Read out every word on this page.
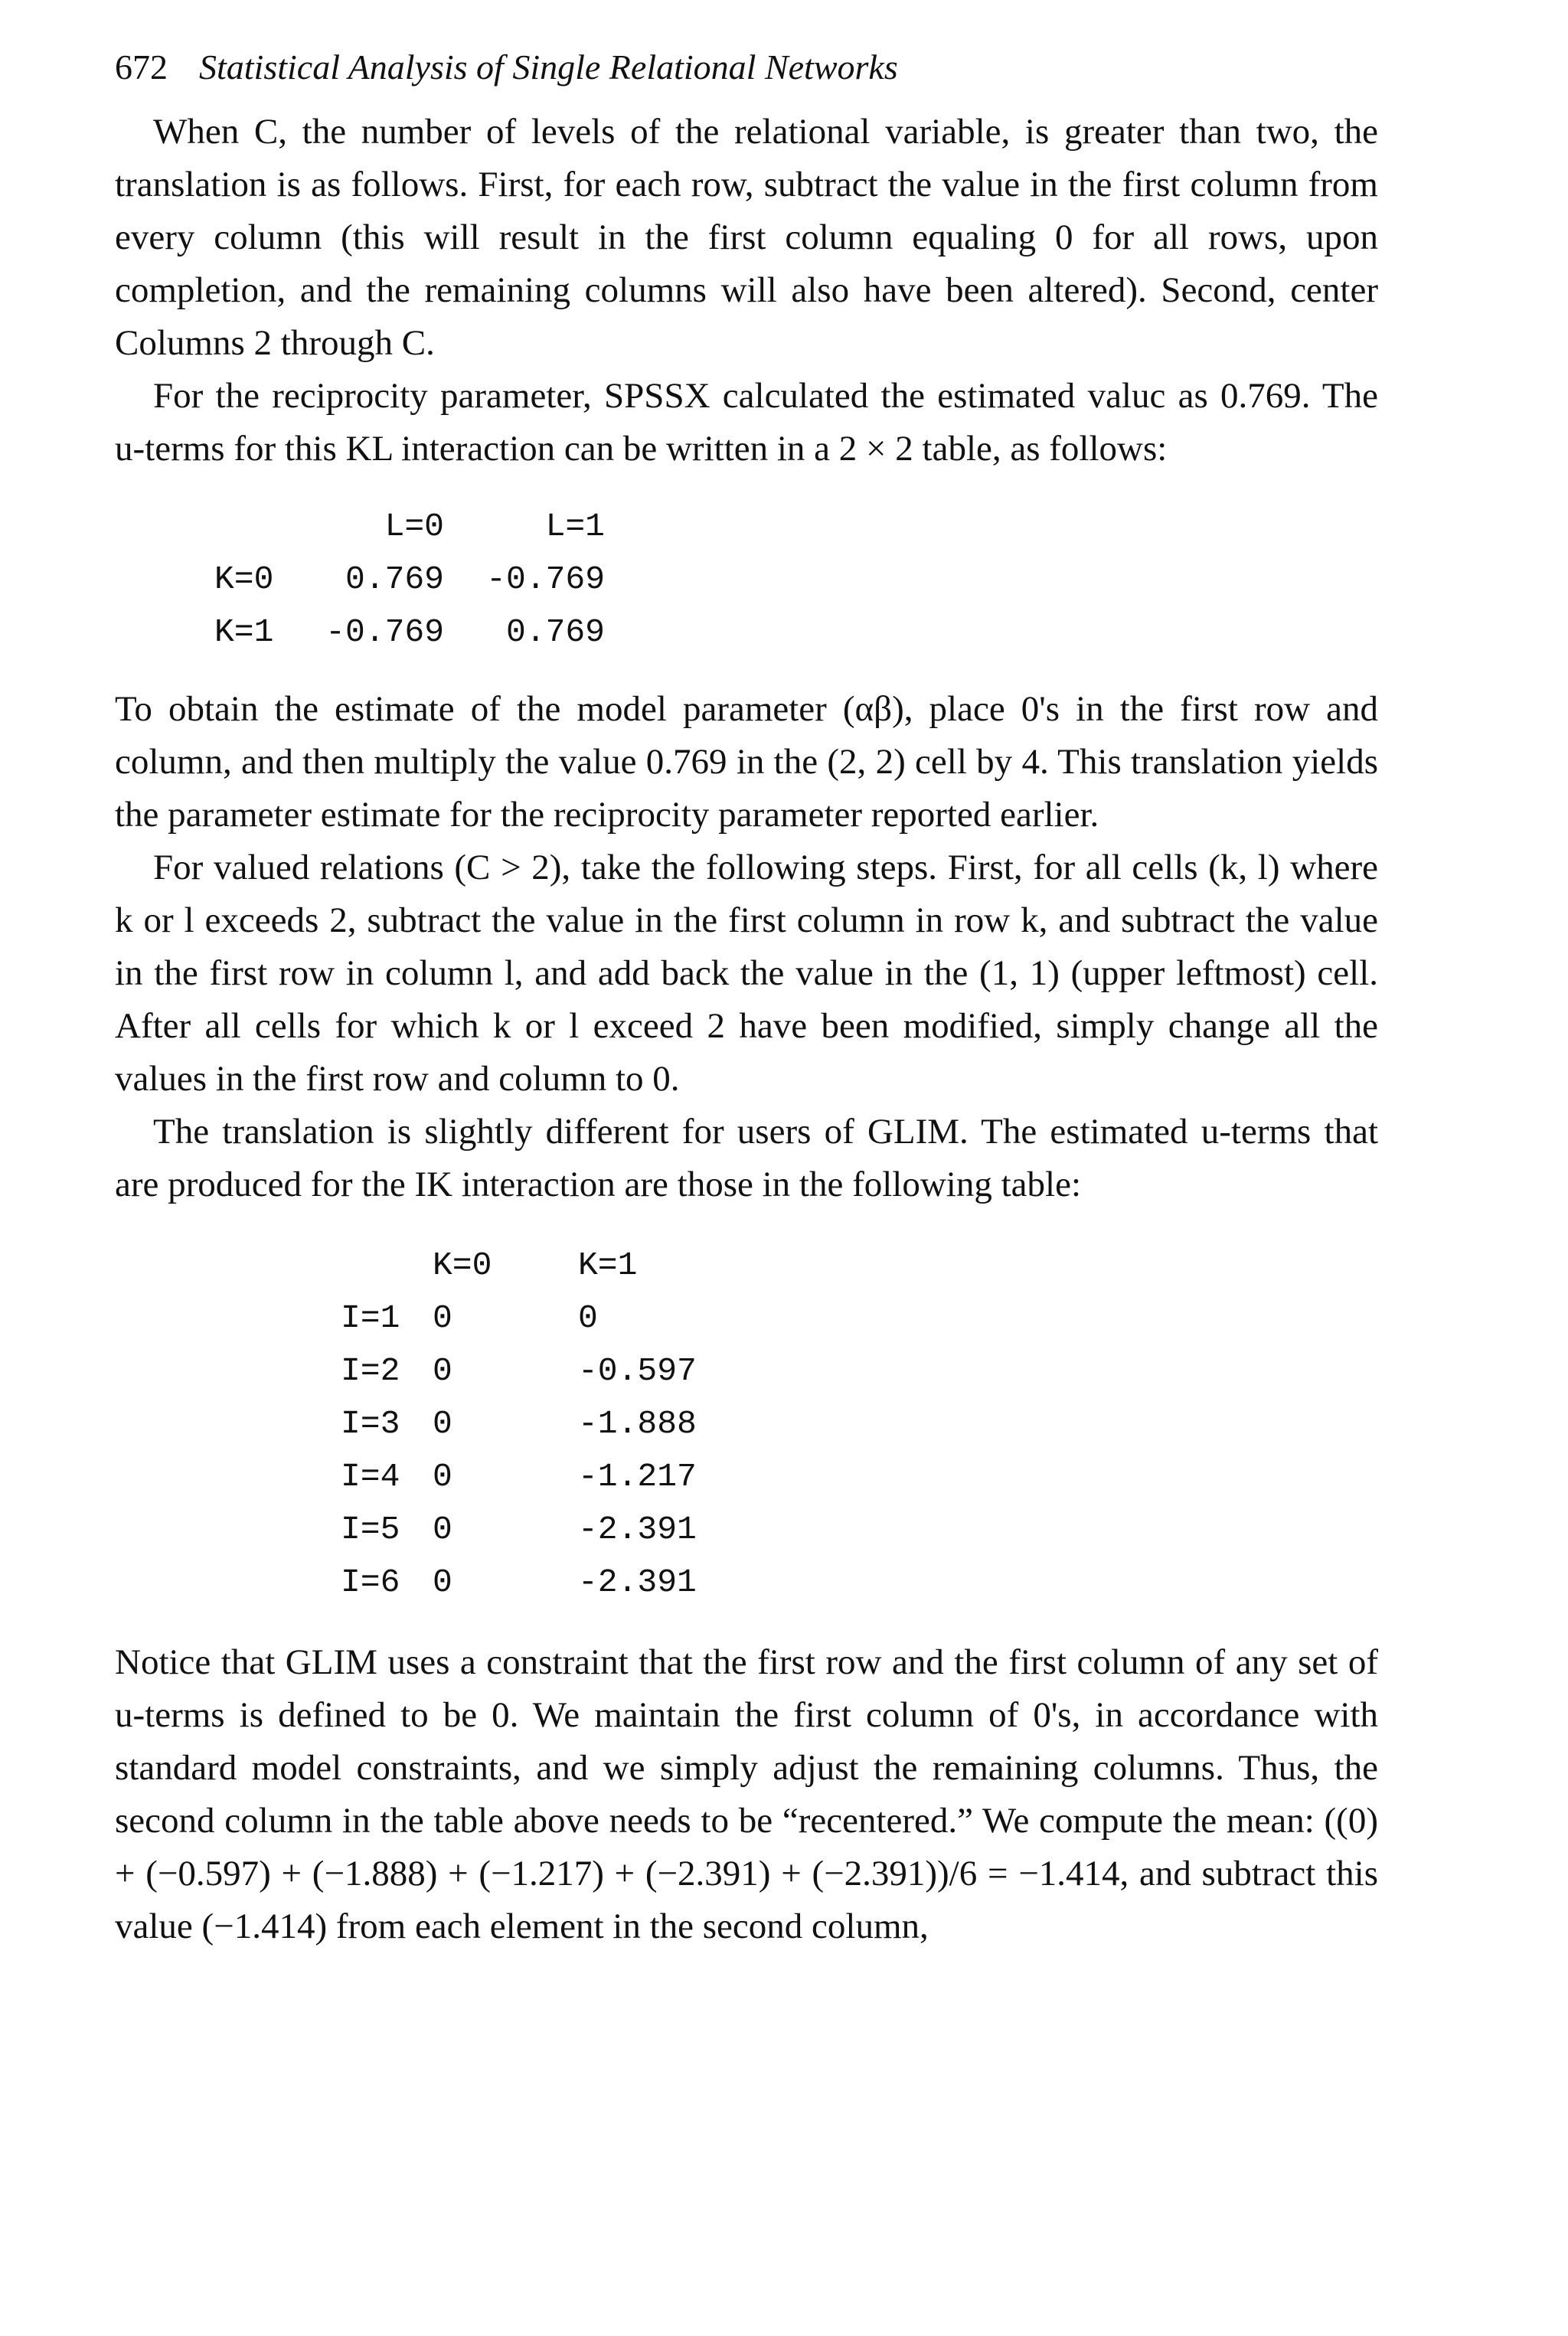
672 Statistical Analysis of Single Relational Networks

When C, the number of levels of the relational variable, is greater than two, the translation is as follows. First, for each row, subtract the value in the first column from every column (this will result in the first column equaling 0 for all rows, upon completion, and the remaining columns will also have been altered). Second, center Columns 2 through C.

For the reciprocity parameter, SPSSX calculated the estimated valuc as 0.769. The u-terms for this KL interaction can be written in a 2 × 2 table, as follows:

	L=0	L=1
K=0	0.769	-0.769
K=1	-0.769	0.769

To obtain the estimate of the model parameter (αβ), place 0's in the first row and column, and then multiply the value 0.769 in the (2, 2) cell by 4. This translation yields the parameter estimate for the reciprocity parameter reported earlier.

For valued relations (C > 2), take the following steps. First, for all cells (k, l) where k or l exceeds 2, subtract the value in the first column in row k, and subtract the value in the first row in column l, and add back the value in the (1, 1) (upper leftmost) cell. After all cells for which k or l exceed 2 have been modified, simply change all the values in the first row and column to 0.

The translation is slightly different for users of GLIM. The estimated u-terms that are produced for the IK interaction are those in the following table:

	K=0	K=1
I=1	0	0
I=2	0	-0.597
I=3	0	-1.888
I=4	0	-1.217
I=5	0	-2.391
I=6	0	-2.391

Notice that GLIM uses a constraint that the first row and the first column of any set of u-terms is defined to be 0. We maintain the first column of 0's, in accordance with standard model constraints, and we simply adjust the remaining columns. Thus, the second column in the table above needs to be “recentered.” We compute the mean: ((0) + (−0.597) + (−1.888) + (−1.217) + (−2.391) + (−2.391))/6 = −1.414, and subtract this value (−1.414) from each element in the second column,
